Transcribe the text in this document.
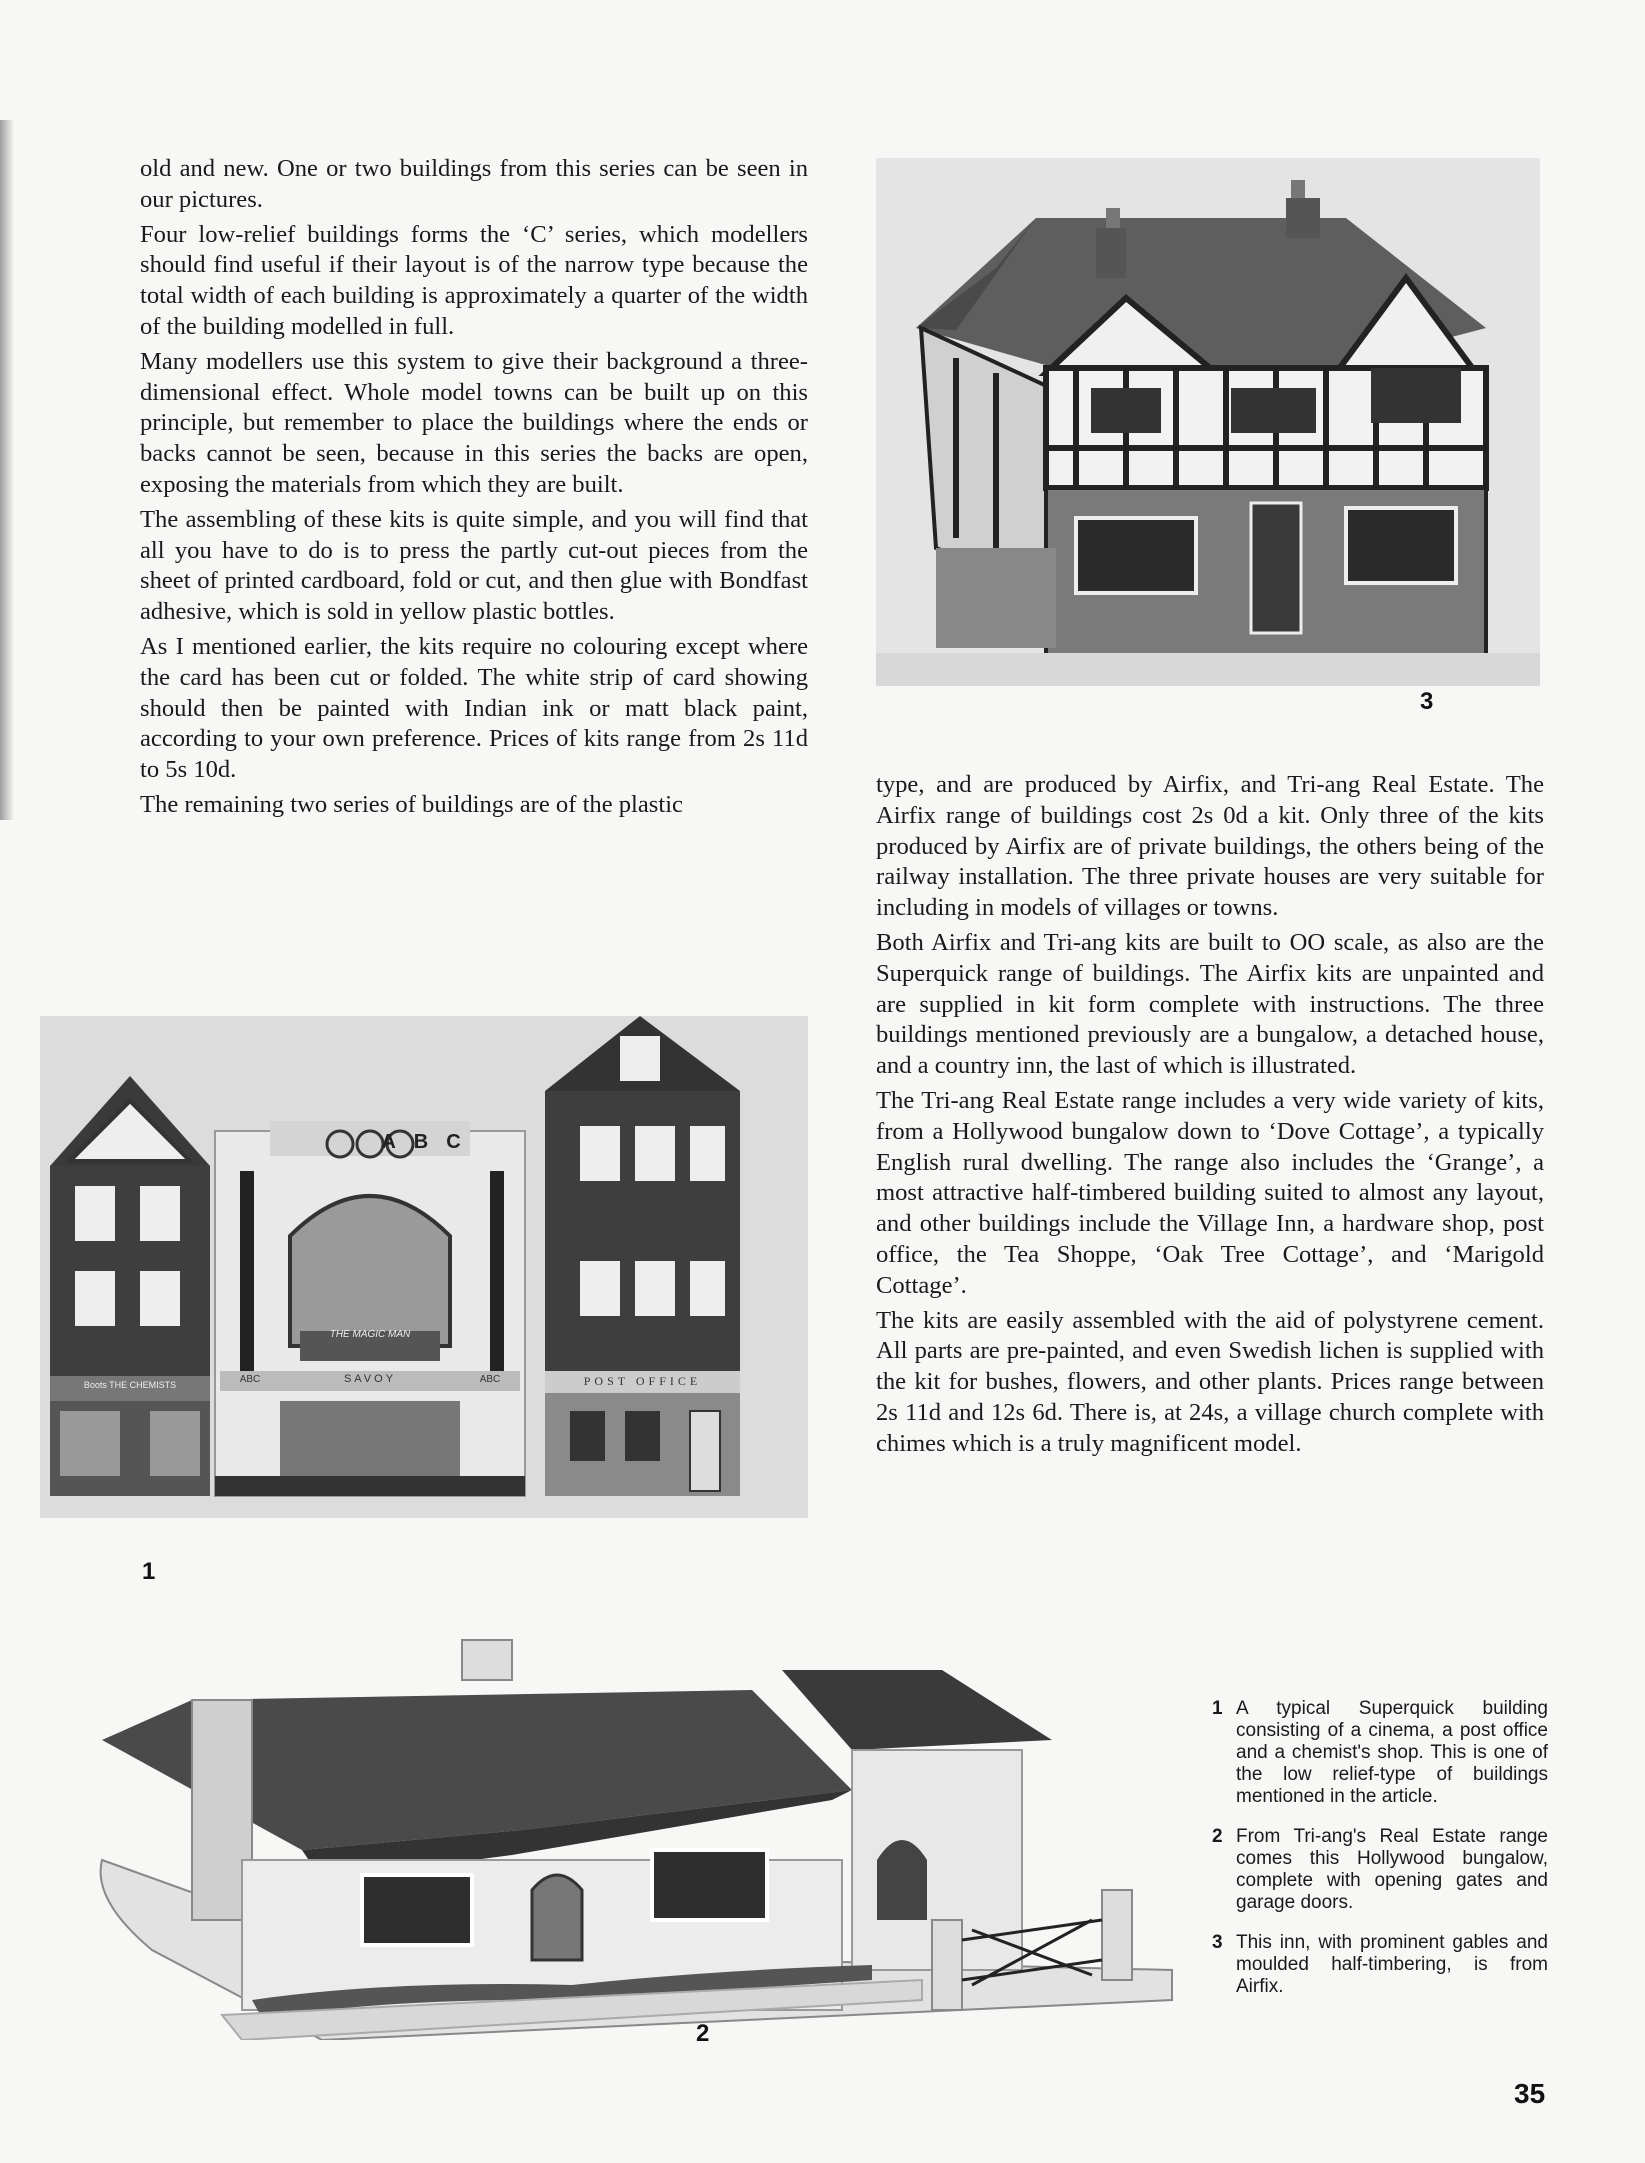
old and new. One or two buildings from this series can be seen in our pictures.

Four low-relief buildings forms the ‘C’ series, which modellers should find useful if their layout is of the narrow type because the total width of each building is approximately a quarter of the width of the building modelled in full.

Many modellers use this system to give their background a three-dimensional effect. Whole model towns can be built up on this principle, but remember to place the buildings where the ends or backs cannot be seen, because in this series the backs are open, exposing the materials from which they are built.

The assembling of these kits is quite simple, and you will find that all you have to do is to press the partly cut-out pieces from the sheet of printed cardboard, fold or cut, and then glue with Bondfast adhesive, which is sold in yellow plastic bottles.

As I mentioned earlier, the kits require no colouring except where the card has been cut or folded. The white strip of card showing should then be painted with Indian ink or matt black paint, according to your own preference. Prices of kits range from 2s 11d to 5s 10d.

The remaining two series of buildings are of the plastic

type, and are produced by Airfix, and Tri-ang Real Estate. The Airfix range of buildings cost 2s 0d a kit. Only three of the kits produced by Airfix are of private buildings, the others being of the railway installation. The three private houses are very suitable for including in models of villages or towns.

Both Airfix and Tri-ang kits are built to OO scale, as also are the Superquick range of buildings. The Airfix kits are unpainted and are supplied in kit form complete with instructions. The three buildings mentioned previously are a bungalow, a detached house, and a country inn, the last of which is illustrated.

The Tri-ang Real Estate range includes a very wide variety of kits, from a Hollywood bungalow down to ‘Dove Cottage’, a typically English rural dwelling. The range also includes the ‘Grange’, a most attractive half-timbered building suited to almost any layout, and other buildings include the Village Inn, a hardware shop, post office, the Tea Shoppe, ‘Oak Tree Cottage’, and ‘Marigold Cottage’.

The kits are easily assembled with the aid of polystyrene cement. All parts are pre-painted, and even Swedish lichen is supplied with the kit for bushes, flowers, and other plants. Prices range between 2s 11d and 12s 6d. There is, at 24s, a village church complete with chimes which is a truly magnificent model.

3
ABC
THE MAGIC MAN
ABC	SAVOY	ABC
Boots THE CHEMISTS	POST OFFICE
1
2
1 A typical Superquick building consisting of a cinema, a post office and a chemist's shop. This is one of the low relief-type of buildings mentioned in the article.
2 From Tri-ang's Real Estate range comes this Hollywood bungalow, complete with opening gates and garage doors.
3 This inn, with prominent gables and moulded half-timbering, is from Airfix.
35
